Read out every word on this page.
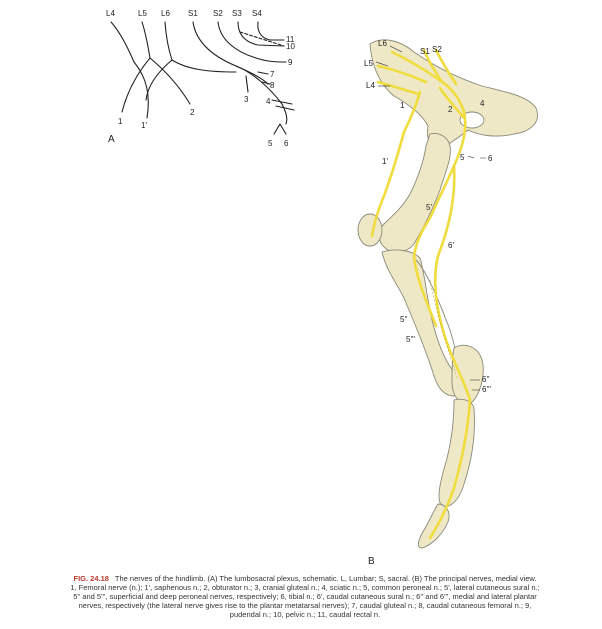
L4	L5 L6 S1 S2 S3 S4
1 1'
2
3 4
5 6
7
8
9
10
11
A
L6
S1 S2
L5
L4
1	2
4
1'	5	6
5'
6'
5''
5'''
6''
6'''
B
FIG. 24.18 The nerves of the hindlimb. (A) The lumbosacral plexus, schematic. L, Lumbar; S, sacral. (B) The principal nerves, medial view. 1, Femoral nerve (n.); 1', saphenous n.; 2, obturator n.; 3, cranial gluteal n.; 4, sciatic n.; 5, common peroneal n.; 5', lateral cutaneous sural n.; 5'' and 5''', superficial and deep peroneal nerves, respectively; 6, tibial n.; 6', caudal cutaneous sural n.; 6'' and 6''', medial and lateral plantar nerves, respectively (the lateral nerve gives rise to the plantar metatarsal nerves); 7, caudal gluteal n.; 8, caudal cutaneous femoral n.; 9, pudendal n.; 10, pelvic n.; 11, caudal rectal n.
